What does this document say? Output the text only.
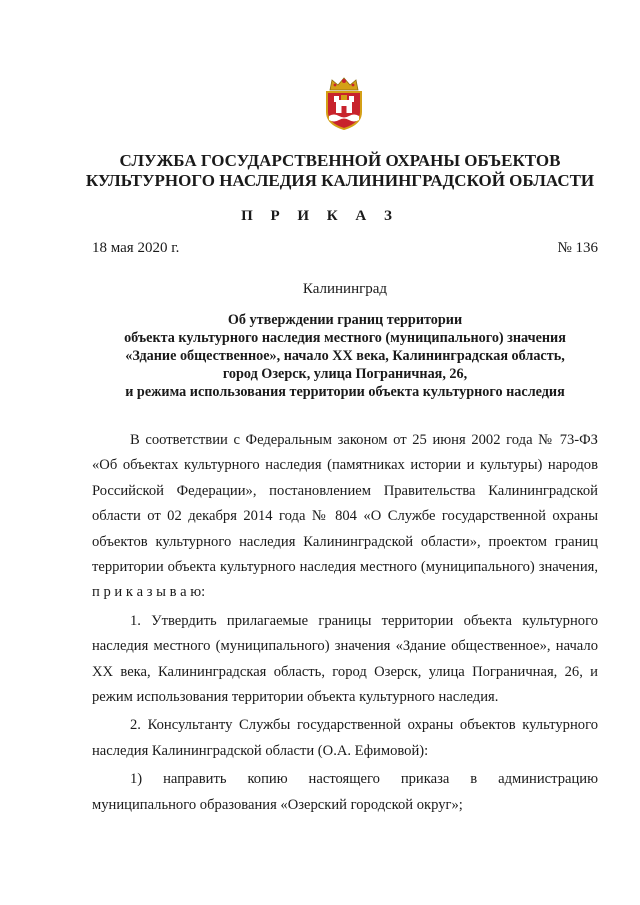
СЛУЖБА ГОСУДАРСТВЕННОЙ ОХРАНЫ ОБЪЕКТОВ
КУЛЬТУРНОГО НАСЛЕДИЯ КАЛИНИНГРАДСКОЙ ОБЛАСТИ
П Р И К А З
18 мая 2020 г.	№ 136
Калининград
Об утверждении границ территории
объекта культурного наследия местного (муниципального) значения
«Здание общественное», начало XX века, Калининградская область,
город Озерск, улица Пограничная, 26,
и режима использования территории объекта культурного наследия

В соответствии с Федеральным законом от 25 июня 2002 года № 73-ФЗ «Об объектах культурного наследия (памятниках истории и культуры) народов Российской Федерации», постановлением Правительства Калининградской области от 02 декабря 2014 года № 804 «О Службе государственной охраны объектов культурного наследия Калининградской области», проектом границ территории объекта культурного наследия местного (муниципального) значения, п р и к а з ы в а ю:

1. Утвердить прилагаемые границы территории объекта культурного наследия местного (муниципального) значения «Здание общественное», начало XX века, Калининградская область, город Озерск, улица Пограничная, 26, и режим использования территории объекта культурного наследия.

2. Консультанту Службы государственной охраны объектов культурного наследия Калининградской области (О.А. Ефимовой):

1) направить копию настоящего приказа в администрацию муниципального образования «Озерский городской округ»;
